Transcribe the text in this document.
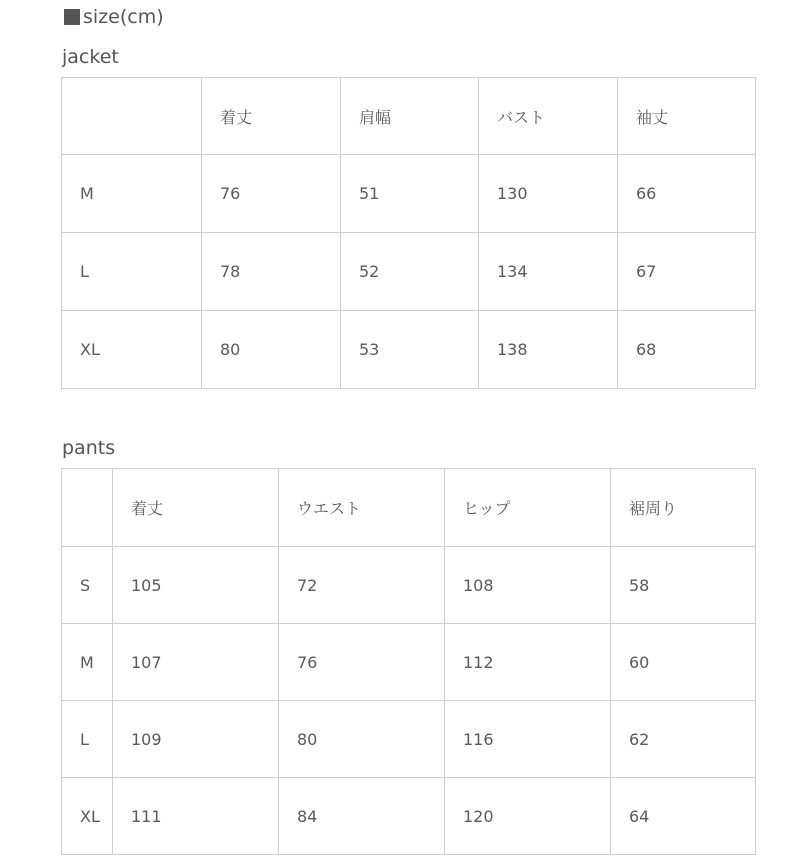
size(cm)
jacket
	着丈	肩幅	バスト	袖丈
M	76	51	130	66
L	78	52	134	67
XL	80	53	138	68
pants
	着丈	ウエスト	ヒップ	裾周り
S	105	72	108	58
M	107	76	112	60
L	109	80	116	62
XL	111	84	120	64
